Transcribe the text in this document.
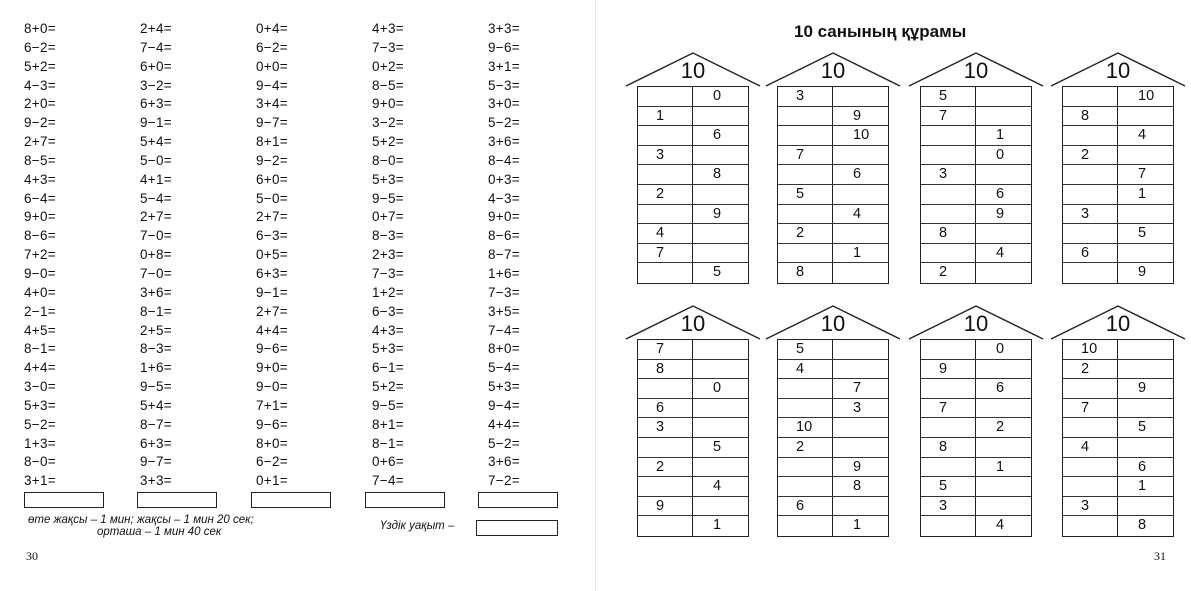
8+0=
6−2=
5+2=
4−3=
2+0=
9−2=
2+7=
8−5=
4+3=
6−4=
9+0=
8−6=
7+2=
9−0=
4+0=
2−1=
4+5=
8−1=
4+4=
3−0=
5+3=
5−2=
1+3=
8−0=
3+1=
2+4=
7−4=
6+0=
3−2=
6+3=
9−1=
5+4=
5−0=
4+1=
5−4=
2+7=
7−0=
0+8=
7−0=
3+6=
8−1=
2+5=
8−3=
1+6=
9−5=
5+4=
8−7=
6+3=
9−7=
3+3=
0+4=
6−2=
0+0=
9−4=
3+4=
9−7=
8+1=
9−2=
6+0=
5−0=
2+7=
6−3=
0+5=
6+3=
9−1=
2+7=
4+4=
9−6=
9+0=
9−0=
7+1=
9−6=
8+0=
6−2=
0+1=
4+3=
7−3=
0+2=
8−5=
9+0=
3−2=
5+2=
8−0=
5+3=
9−5=
0+7=
8−3=
2+3=
7−3=
1+2=
6−3=
4+3=
5+3=
6−1=
5+2=
9−5=
8+1=
8−1=
0+6=
7−4=
3+3=
9−6=
3+1=
5−3=
3+0=
5−2=
3+6=
8−4=
0+3=
4−3=
9+0=
8−6=
8−7=
1+6=
7−3=
3+5=
7−4=
8+0=
5−4=
5+3=
9−4=
4+4=
5−2=
3+6=
7−2=
өте жақсы – 1 мин; жақсы – 1 мин 20 сек;
орташа – 1 мин 40 сек	Үздік уақыт –
30
10 санының құрамы
10
0
1
6
3
8
2
9
4
7
5
10
3
9
10
7
6
5
4
2
1
8
10
5
7
1
0
3
6
9
8
4
2
10
10
8
4
2
7
1
3
5
6
9
10
7
8
0
6
3
5
2
4
9
1
10
5
4
7
3
10
2
9
8
6
1
10
0
9
6
7
2
8
1
5
3
4
10
10
2
9
7
5
4
6
1
3
8
31
